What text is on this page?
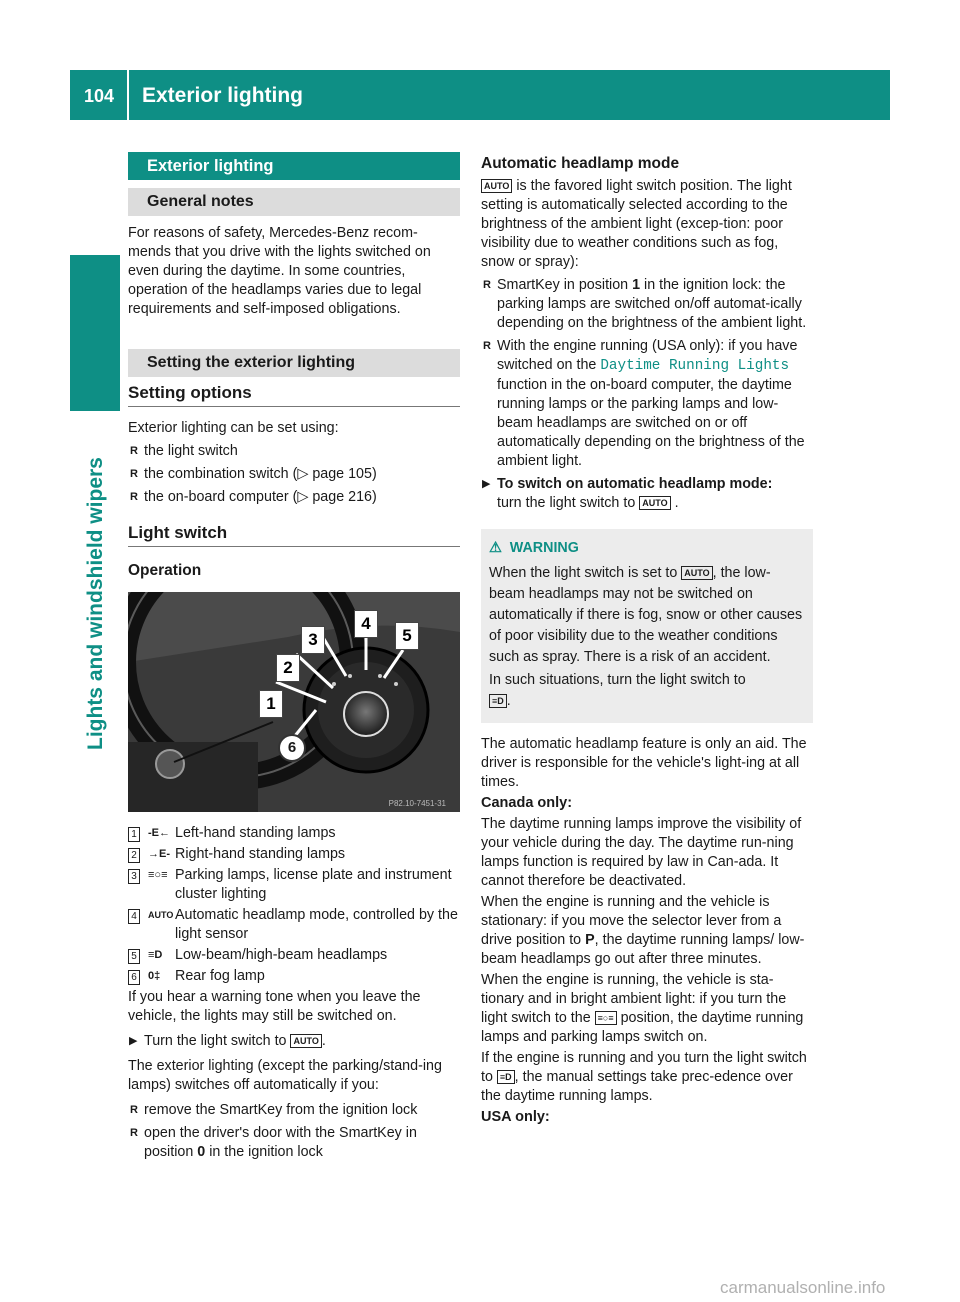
104 Exterior lighting
Lights and windshield wipers
Exterior lighting
General notes

For reasons of safety, Mercedes-Benz recom-mends that you drive with the lights switched on even during the daytime. In some countries, operation of the headlamps varies due to legal requirements and self-imposed obligations.

Setting the exterior lighting
Setting options

Exterior lighting can be set using:

R the light switch

R the combination switch (▷ page 105)

R the on-board computer (▷ page 216)

Light switch
Operation
P82.10-7451-31
1
2
3
4
5
6
1	-Ε← Left-hand standing lamps
2	→Ε- Right-hand standing lamps
3	≡○≡ Parking lamps, license plate and instrument cluster lighting
4	AUTO Automatic headlamp mode, controlled by the light sensor
5	≡D Low-beam/high-beam headlamps
6	0‡	Rear fog lamp

If you hear a warning tone when you leave the vehicle, the lights may still be switched on.

▶ Turn the light switch to AUTO .

The exterior lighting (except the parking/stand-ing lamps) switches off automatically if you:

R remove the SmartKey from the ignition lock

R open the driver's door with the SmartKey in position 0 in the ignition lock

Automatic headlamp mode

AUTO is the favored light switch position. The light setting is automatically selected according to the brightness of the ambient light (excep-tion: poor visibility due to weather conditions such as fog, snow or spray):

R SmartKey in position 1 in the ignition lock: the parking lamps are switched on/off automat-ically depending on the brightness of the ambient light.

R With the engine running (USA only): if you have switched on the Daytime Running Lights function in the on-board computer, the daytime running lamps or the parking lamps and low-beam headlamps are switched on or off automatically depending on the brightness of the ambient light.

▶ To switch on automatic headlamp mode:
turn the light switch to AUTO .

⚠ WARNING

When the light switch is set to AUTO , the low-beam headlamps may not be switched on automatically if there is fog, snow or other causes of poor visibility due to the weather conditions such as spray. There is a risk of an accident.

In such situations, turn the light switch to
≡D .

The automatic headlamp feature is only an aid. The driver is responsible for the vehicle's light-ing at all times.

Canada only:

The daytime running lamps improve the visibility of your vehicle during the day. The daytime run-ning lamps function is required by law in Can-ada. It cannot therefore be deactivated.

When the engine is running and the vehicle is stationary: if you move the selector lever from a drive position to P, the daytime running lamps/ low-beam headlamps go out after three minutes.

When the engine is running, the vehicle is sta-tionary and in bright ambient light: if you turn the light switch to the ≡○≡ position, the daytime running lamps and parking lamps switch on.

If the engine is running and you turn the light switch to ≡D , the manual settings take prec-edence over the daytime running lamps.

USA only:
carmanualsonline.info
